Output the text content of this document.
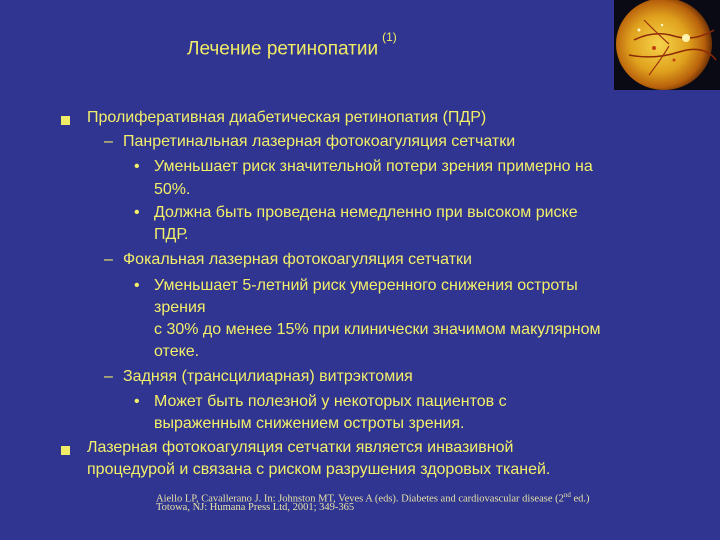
Лечение ретинопатии$^{(1)}$
Пролиферативная диабетическая ретинопатия (ПДР)
– Панретинальная лазерная фотокоагуляция сетчатки
• Уменьшает риск значительной потери зрения примерно на
50%.
• Должна быть проведена немедленно при высоком риске
ПДР.
– Фокальная лазерная фотокоагуляция сетчатки
• Уменьшает 5-летний риск умеренного снижения остроты
зрения
с 30% до менее 15% при клинически значимом макулярном
отеке.
– Задняя (трансцилиарная) витрэктомия
• Может быть полезной у некоторых пациентов с
выраженным снижением остроты зрения.
Лазерная фотокоагуляция сетчатки является инвазивной
процедурой и связана с риском разрушения здоровых тканей.
Aiello LP, Cavallerano J. In: Johnston MT, Veves A (eds). Diabetes and cardiovascular disease (2nd ed.)
Totowa, NJ: Humana Press Ltd, 2001; 349-365
